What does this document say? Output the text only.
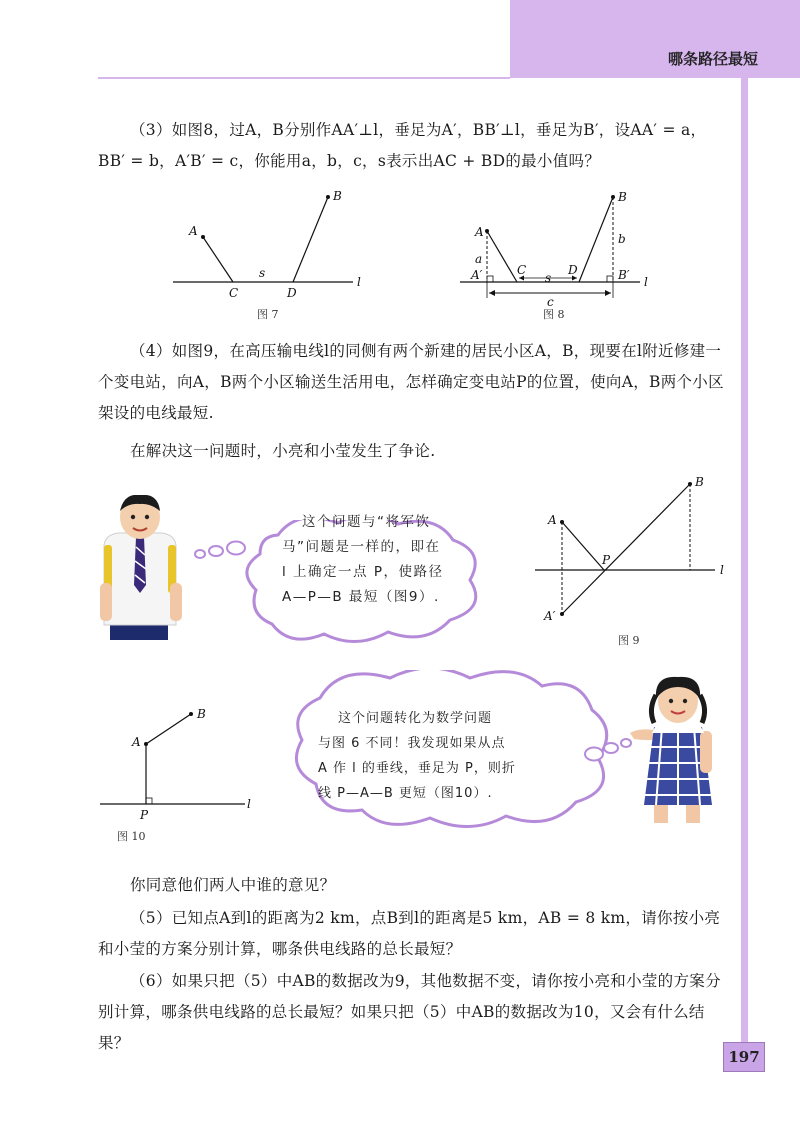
哪条路径最短

（3）如图8，过A，B分别作AA′⊥l，垂足为A′，BB′⊥l，垂足为B′，设AA′ = a，BB′ = b，A′B′ = c，你能用a，b，c，s表示出AC + BD的最小值吗？

A
B
C	D
s
l
图 7
A
B
a
b
A′	B′
C	D
s
c
l
图 8

（4）如图9，在高压输电线l的同侧有两个新建的居民小区A，B，现要在l附近修建一个变电站，向A，B两个小区输送生活用电，怎样确定变电站P的位置，使向A，B两个小区架设的电线最短.

在解决这一问题时，小亮和小莹发生了争论.

这个问题与“将军饮
马”问题是一样的，即在
l 上确定一点 P，使路径
A—P—B 最短（图9）.
A
B
A′
P
l
图 9
A
B
P
l
图 10
这个问题转化为数学问题
与图 6 不同！我发现如果从点
A 作 l 的垂线，垂足为 P，则折
线 P—A—B 更短（图10）.

你同意他们两人中谁的意见？

（5）已知点A到l的距离为2 km，点B到l的距离是5 km，AB = 8 km，请你按小亮和小莹的方案分别计算，哪条供电线路的总长最短？

（6）如果只把（5）中AB的数据改为9，其他数据不变，请你按小亮和小莹的方案分别计算，哪条供电线路的总长最短？如果只把（5）中AB的数据改为10，又会有什么结果？

197
